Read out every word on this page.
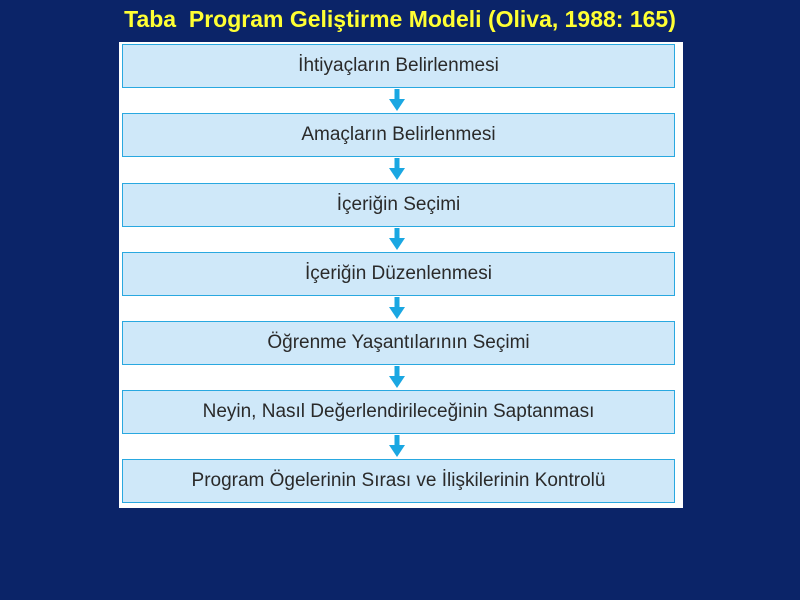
Taba  Program Geliştirme Modeli (Oliva, 1988: 165)
İhtiyaçların Belirlenmesi
Amaçların Belirlenmesi
İçeriğin Seçimi
İçeriğin Düzenlenmesi
Öğrenme Yaşantılarının Seçimi
Neyin, Nasıl Değerlendirileceğinin Saptanması
Program Ögelerinin Sırası ve İlişkilerinin Kontrolü
